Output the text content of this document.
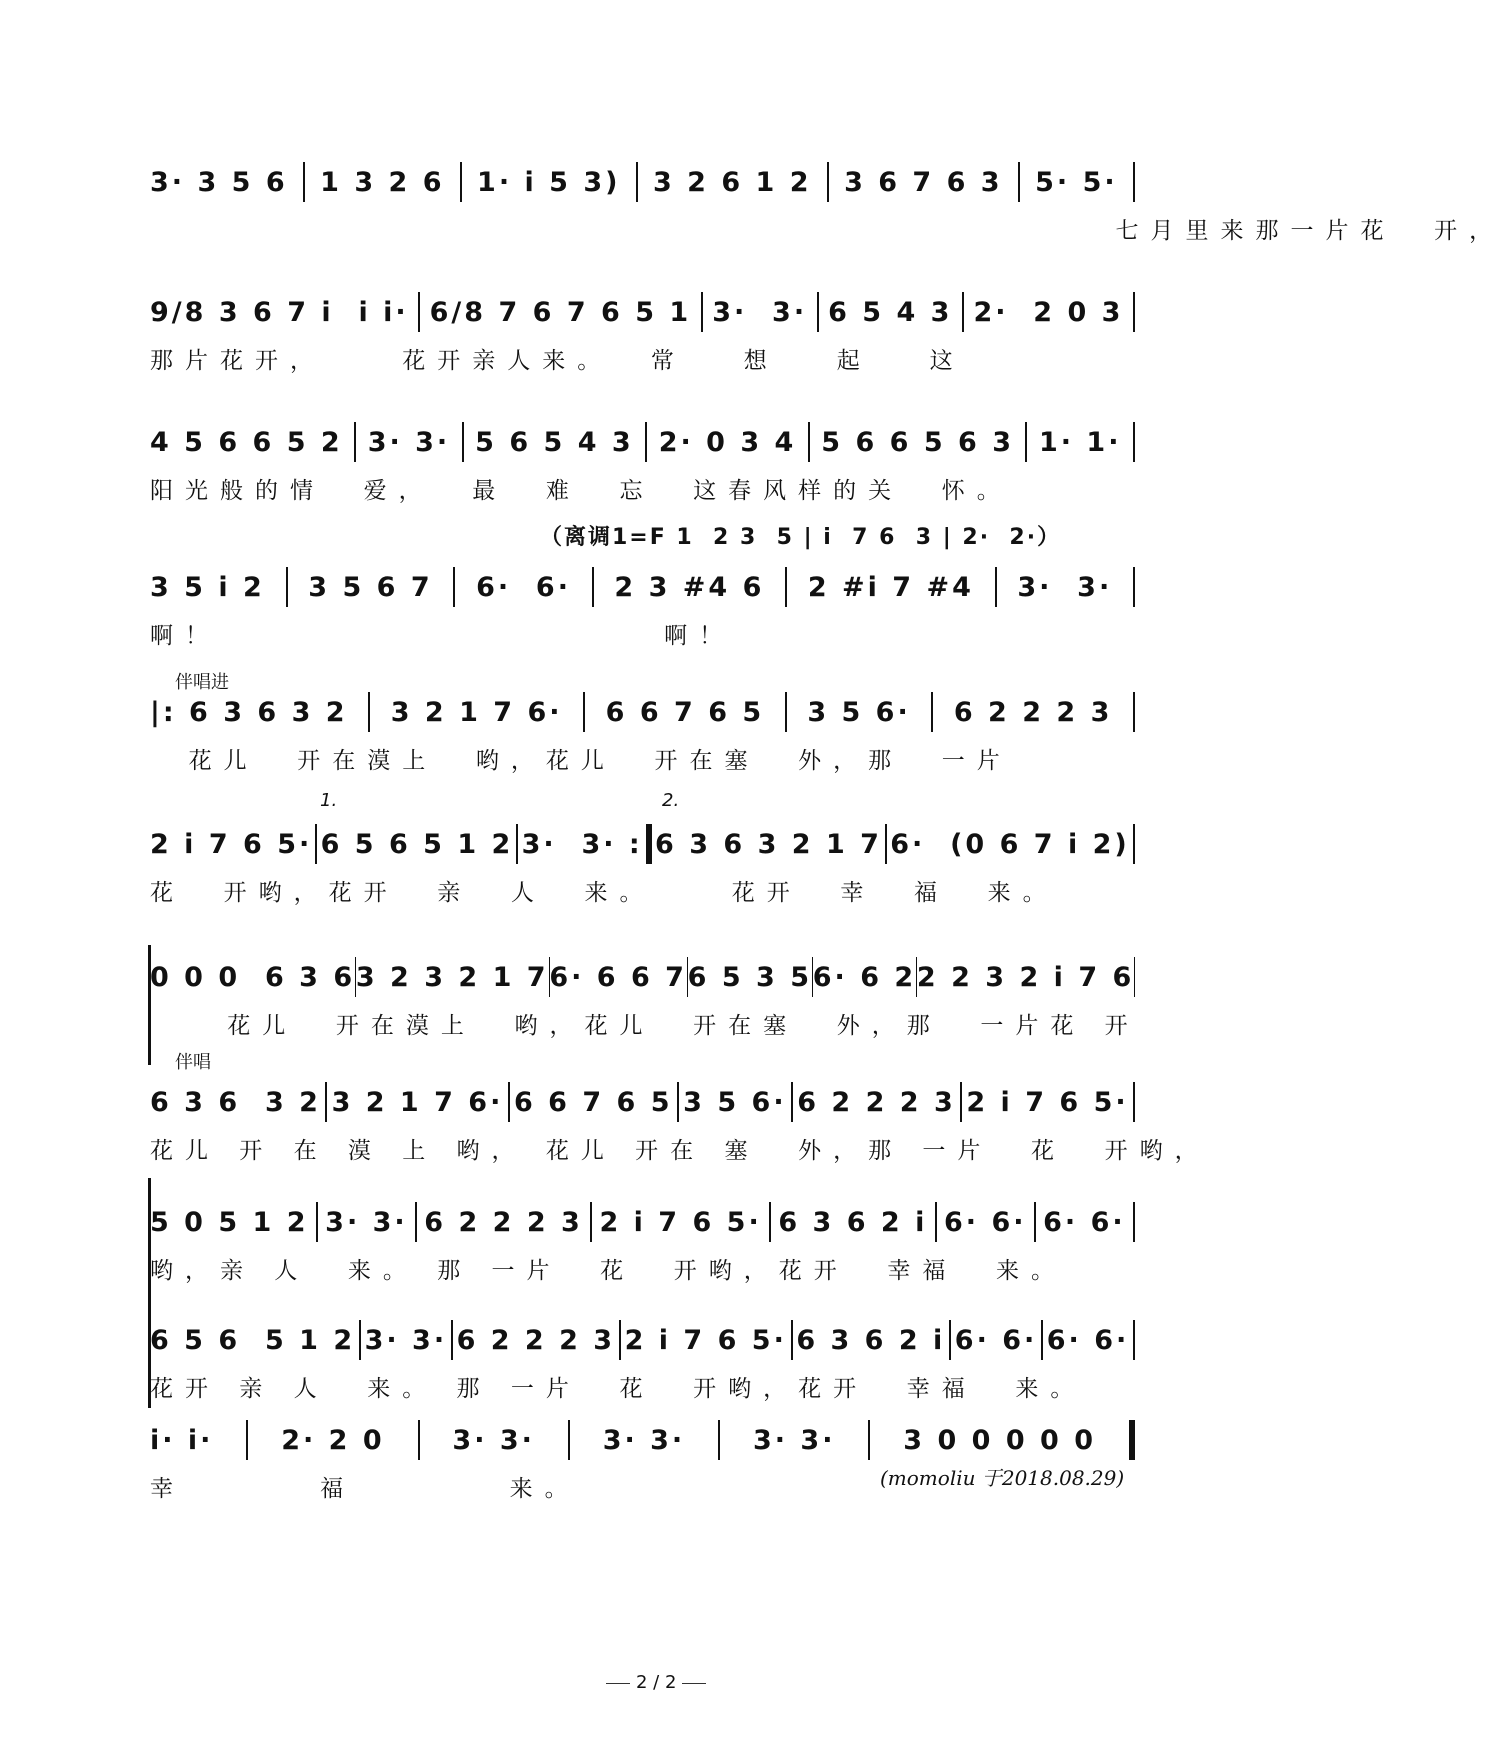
3· 3 5 6 1 3 2 6 1· i 5 3) 3 2 6 1 2 3 6 7 6 3 5· 5·
七月里来那一片花  开，
9/8 3 6 7 i  i i· 6/8 7 6 7 6 5 1 3·  3· 6 5 4 3 2·  2 0 3
那片花开，    花开亲人来。  常   想   起   这
4 5 6 6 5 2 3· 3· 5 6 5 4 3 2· 0 3 4 5 6 6 5 6 3 1· 1·
阳光般的情  爱，  最  难  忘  这春风样的关  怀。
（离调1=F 1  2 3  5 | i  7 6  3 | 2·  2·）
3 5 i 2 3 5 6 7 6·  6· 2 3 #4 6 2 #i 7 #4 3·  3·
啊！                       啊！
伴唱进
|: 6 3 6 3 2 3 2 1 7 6· 6 6 7 6 5 3 5 6· 6 2 2 2 3
花儿  开在漠上  哟，花儿  开在塞  外，那  一片
1.	2.
2 i 7 6 5· 6 5 6 5 1 2 3·  3· : 6 3 6 3 2 1 7 6·  (0 6 7 i 2)
花  开哟，花开  亲  人  来。    花开  幸  福  来。
0 0 0  6 3 6 3 2 3 2 1 7 6· 6 6 7 6 5 3 5 6· 6 2 2 2 3 2 i 7 6
花儿  开在漠上  哟，花儿  开在塞  外，那  一片花 开
伴唱
6 3 6  3 2 3 2 1 7 6· 6 6 7 6 5 3 5 6· 6 2 2 2 3 2 i 7 6 5·
花儿 开 在 漠 上 哟， 花儿 开在 塞  外，那 一片  花  开哟，
5 0 5 1 2 3· 3· 6 2 2 2 3 2 i 7 6 5· 6 3 6 2 i 6· 6· 6· 6·
哟，亲 人  来。 那 一片  花  开哟，花开  幸福  来。
6 5 6  5 1 2 3· 3· 6 2 2 2 3 2 i 7 6 5· 6 3 6 2 i 6· 6· 6· 6·
花开 亲 人  来。 那 一片  花  开哟，花开  幸福  来。
i· i·	2· 2 0	3· 3·	3· 3·	3· 3·	3 0 0 0 0 0
幸       福        来。	(momoliu 于2018.08.29)
2 / 2
